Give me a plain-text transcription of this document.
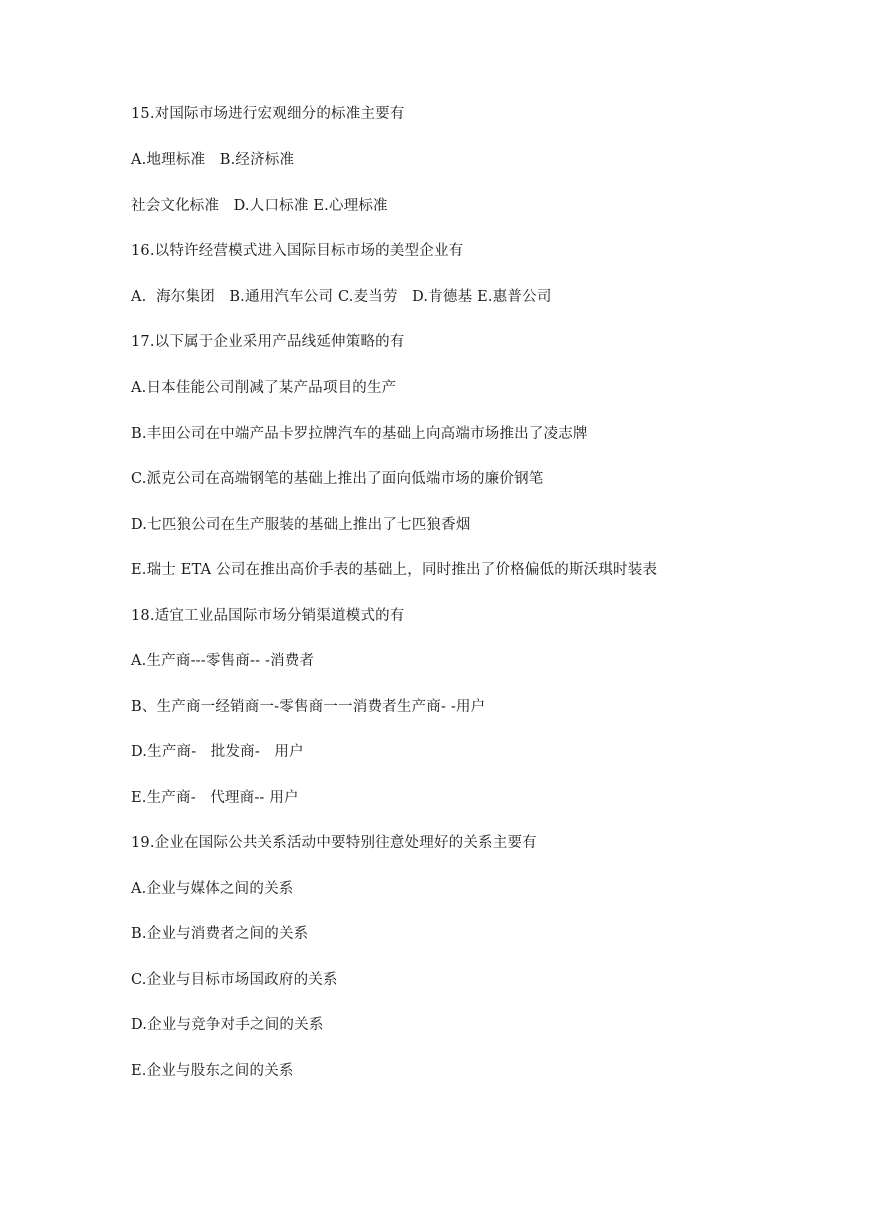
15.对国际市场进行宏观细分的标准主要有
A.地理标准   B.经济标准
社会文化标准   D.人口标准 E.心理标准
16.以特许经营模式进入国际目标市场的美型企业有
A.  海尔集团   B.通用汽车公司 C.麦当劳   D.肯德基 E.惠普公司
17.以下属于企业采用产品线延伸策略的有
A.日本佳能公司削减了某产品项目的生产
B.丰田公司在中端产品卡罗拉牌汽车的基础上向高端市场推出了凌志牌
C.派克公司在高端钢笔的基础上推出了面向低端市场的廉价钢笔
D.七匹狼公司在生产服装的基础上推出了七匹狼香烟
E.瑞士 ETA 公司在推出高价手表的基础上，同时推出了价格偏低的斯沃琪时装表
18.适宜工业品国际市场分销渠道模式的有
A.生产商---零售商-- -消费者
B、生产商一经销商一-零售商一一消费者生产商- -用户
D.生产商-   批发商-   用户
E.生产商-   代理商-- 用户
19.企业在国际公共关系活动中要特别往意处理好的关系主要有
A.企业与媒体之间的关系
B.企业与消费者之间的关系
C.企业与目标市场国政府的关系
D.企业与竞争对手之间的关系
E.企业与股东之间的关系
